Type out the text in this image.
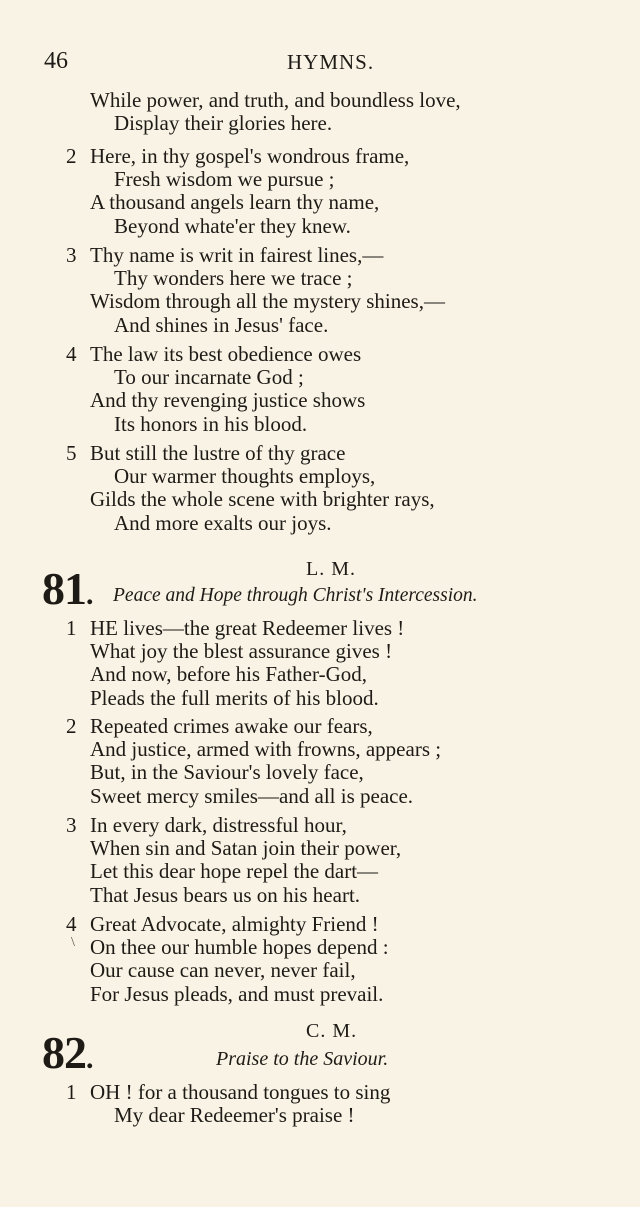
46	HYMNS.
While power, and truth, and boundless love,
Display their glories here.
2 Here, in thy gospel's wondrous frame,
Fresh wisdom we pursue ;
A thousand angels learn thy name,
Beyond whate'er they knew.
3 Thy name is writ in fairest lines,—
Thy wonders here we trace ;
Wisdom through all the mystery shines,—
And shines in Jesus' face.
4 The law its best obedience owes
To our incarnate God ;
And thy revenging justice shows
Its honors in his blood.
5 But still the lustre of thy grace
Our warmer thoughts employs,
Gilds the whole scene with brighter rays,
And more exalts our joys.
L. M.
81. Peace and Hope through Christ's Intercession.
1 HE lives—the great Redeemer lives !
What joy the blest assurance gives !
And now, before his Father-God,
Pleads the full merits of his blood.
2 Repeated crimes awake our fears,
And justice, armed with frowns, appears ;
But, in the Saviour's lovely face,
Sweet mercy smiles—and all is peace.
3 In every dark, distressful hour,
When sin and Satan join their power,
Let this dear hope repel the dart—
That Jesus bears us on his heart.
4 Great Advocate, almighty Friend !
On thee our humble hopes depend :
Our cause can never, never fail,
For Jesus pleads, and must prevail.
\
C. M.
82.	Praise to the Saviour.
1 OH ! for a thousand tongues to sing
My dear Redeemer's praise !
